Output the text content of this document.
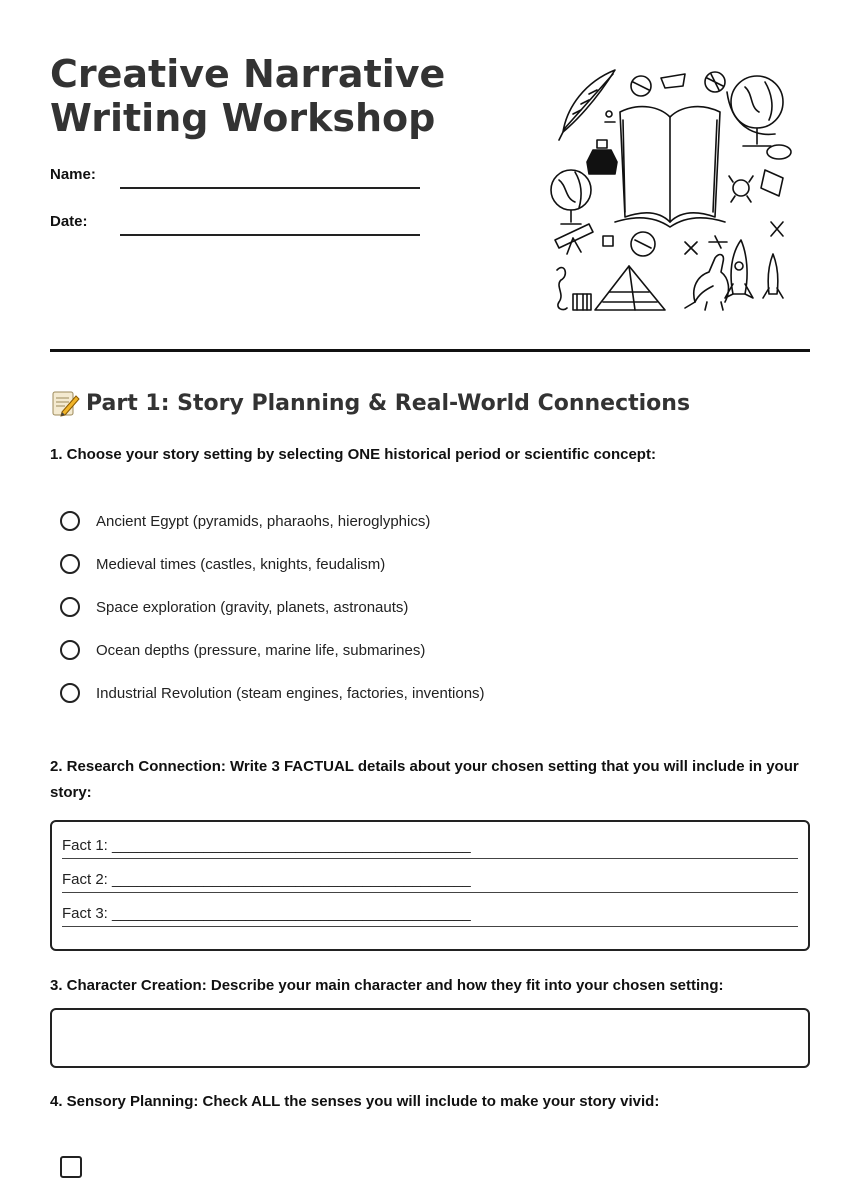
Creative Narrative
Writing Workshop
Name:
Date:
Part 1: Story Planning & Real-World Connections
1. Choose your story setting by selecting ONE historical period or scientific concept:
Ancient Egypt (pyramids, pharaohs, hieroglyphics)
Medieval times (castles, knights, feudalism)
Space exploration (gravity, planets, astronauts)
Ocean depths (pressure, marine life, submarines)
Industrial Revolution (steam engines, factories, inventions)
2. Research Connection: Write 3 FACTUAL details about your chosen setting that you will include in your story:
Fact 1: ___________________________________________
Fact 2: ___________________________________________
Fact 3: ___________________________________________
3. Character Creation: Describe your main character and how they fit into your chosen setting:
4. Sensory Planning: Check ALL the senses you will include to make your story vivid:
